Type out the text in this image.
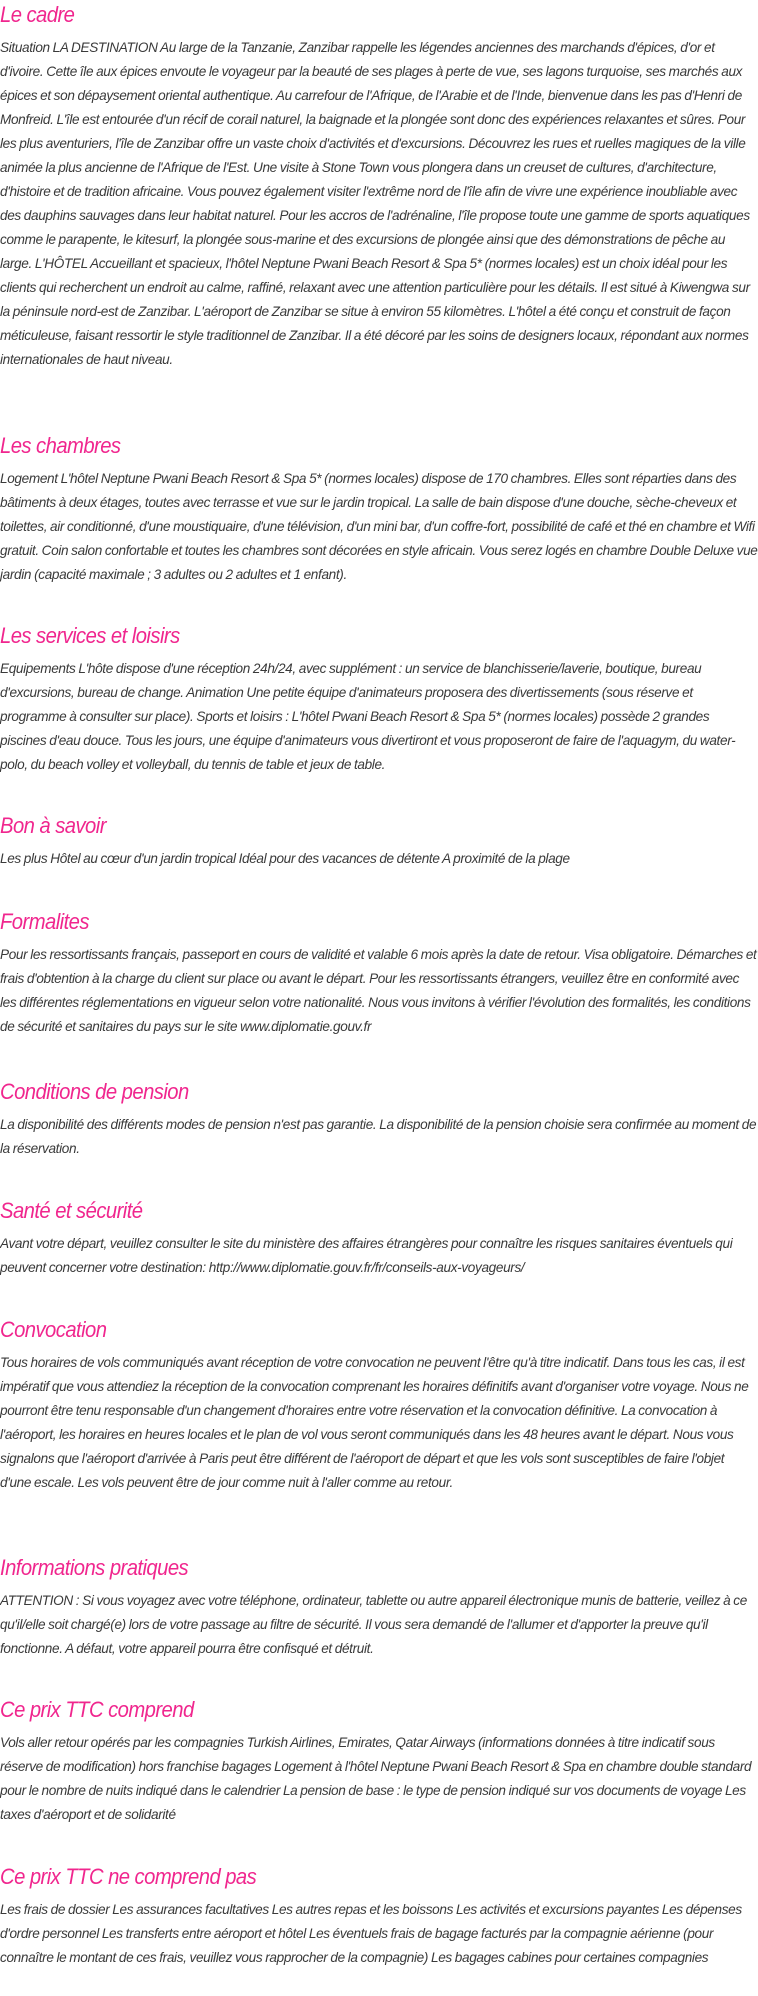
Le cadre

Situation LA DESTINATION Au large de la Tanzanie, Zanzibar rappelle les légendes anciennes des marchands d'épices, d'or et d'ivoire. Cette île aux épices envoute le voyageur par la beauté de ses plages à perte de vue, ses lagons turquoise, ses marchés aux épices et son dépaysement oriental authentique. Au carrefour de l'Afrique, de l'Arabie et de l'Inde, bienvenue dans les pas d'Henri de Monfreid. L'île est entourée d'un récif de corail naturel, la baignade et la plongée sont donc des expériences relaxantes et sûres. Pour les plus aventuriers, l'île de Zanzibar offre un vaste choix d'activités et d'excursions. Découvrez les rues et ruelles magiques de la ville animée la plus ancienne de l'Afrique de l'Est. Une visite à Stone Town vous plongera dans un creuset de cultures, d'architecture, d'histoire et de tradition africaine. Vous pouvez également visiter l'extrême nord de l'île afin de vivre une expérience inoubliable avec des dauphins sauvages dans leur habitat naturel. Pour les accros de l'adrénaline, l'île propose toute une gamme de sports aquatiques comme le parapente, le kitesurf, la plongée sous-marine et des excursions de plongée ainsi que des démonstrations de pêche au large. L'HÔTEL Accueillant et spacieux, l'hôtel Neptune Pwani Beach Resort & Spa 5* (normes locales) est un choix idéal pour les clients qui recherchent un endroit au calme, raffiné, relaxant avec une attention particulière pour les détails. Il est situé à Kiwengwa sur la péninsule nord-est de Zanzibar. L'aéroport de Zanzibar se situe à environ 55 kilomètres. L'hôtel a été conçu et construit de façon méticuleuse, faisant ressortir le style traditionnel de Zanzibar. Il a été décoré par les soins de designers locaux, répondant aux normes internationales de haut niveau.

Les chambres

Logement L'hôtel Neptune Pwani Beach Resort & Spa 5* (normes locales) dispose de 170 chambres. Elles sont réparties dans des bâtiments à deux étages, toutes avec terrasse et vue sur le jardin tropical. La salle de bain dispose d'une douche, sèche-cheveux et toilettes, air conditionné, d'une moustiquaire, d'une télévision, d'un mini bar, d'un coffre-fort, possibilité de café et thé en chambre et Wifi gratuit. Coin salon confortable et toutes les chambres sont décorées en style africain. Vous serez logés en chambre Double Deluxe vue jardin (capacité maximale ; 3 adultes ou 2 adultes et 1 enfant).

Les services et loisirs

Equipements L'hôte dispose d'une réception 24h/24, avec supplément : un service de blanchisserie/laverie, boutique, bureau d'excursions, bureau de change. Animation Une petite équipe d'animateurs proposera des divertissements (sous réserve et programme à consulter sur place). Sports et loisirs : L'hôtel Pwani Beach Resort & Spa 5* (normes locales) possède 2 grandes piscines d'eau douce. Tous les jours, une équipe d'animateurs vous divertiront et vous proposeront de faire de l'aquagym, du water-polo, du beach volley et volleyball, du tennis de table et jeux de table.

Bon à savoir

Les plus Hôtel au cœur d'un jardin tropical Idéal pour des vacances de détente A proximité de la plage

Formalites

Pour les ressortissants français, passeport en cours de validité et valable 6 mois après la date de retour. Visa obligatoire. Démarches et frais d'obtention à la charge du client sur place ou avant le départ. Pour les ressortissants étrangers, veuillez être en conformité avec les différentes réglementations en vigueur selon votre nationalité. Nous vous invitons à vérifier l'évolution des formalités, les conditions de sécurité et sanitaires du pays sur le site www.diplomatie.gouv.fr

Conditions de pension

La disponibilité des différents modes de pension n'est pas garantie. La disponibilité de la pension choisie sera confirmée au moment de la réservation.

Santé et sécurité

Avant votre départ, veuillez consulter le site du ministère des affaires étrangères pour connaître les risques sanitaires éventuels qui peuvent concerner votre destination: http://www.diplomatie.gouv.fr/fr/conseils-aux-voyageurs/

Convocation

Tous horaires de vols communiqués avant réception de votre convocation ne peuvent l'être qu'à titre indicatif. Dans tous les cas, il est impératif que vous attendiez la réception de la convocation comprenant les horaires définitifs avant d'organiser votre voyage. Nous ne pourront être tenu responsable d'un changement d'horaires entre votre réservation et la convocation définitive. La convocation à l'aéroport, les horaires en heures locales et le plan de vol vous seront communiqués dans les 48 heures avant le départ. Nous vous signalons que l'aéroport d'arrivée à Paris peut être différent de l'aéroport de départ et que les vols sont susceptibles de faire l'objet d'une escale. Les vols peuvent être de jour comme nuit à l'aller comme au retour.

Informations pratiques

ATTENTION : Si vous voyagez avec votre téléphone, ordinateur, tablette ou autre appareil électronique munis de batterie, veillez à ce qu'il/elle soit chargé(e) lors de votre passage au filtre de sécurité. Il vous sera demandé de l'allumer et d'apporter la preuve qu'il fonctionne. A défaut, votre appareil pourra être confisqué et détruit.

Ce prix TTC comprend

Vols aller retour opérés par les compagnies Turkish Airlines, Emirates, Qatar Airways (informations données à titre indicatif sous réserve de modification) hors franchise bagages Logement à l'hôtel Neptune Pwani Beach Resort & Spa en chambre double standard pour le nombre de nuits indiqué dans le calendrier La pension de base : le type de pension indiqué sur vos documents de voyage Les taxes d'aéroport et de solidarité

Ce prix TTC ne comprend pas

Les frais de dossier Les assurances facultatives Les autres repas et les boissons Les activités et excursions payantes Les dépenses d'ordre personnel Les transferts entre aéroport et hôtel Les éventuels frais de bagage facturés par la compagnie aérienne (pour connaître le montant de ces frais, veuillez vous rapprocher de la compagnie) Les bagages cabines pour certaines compagnies
